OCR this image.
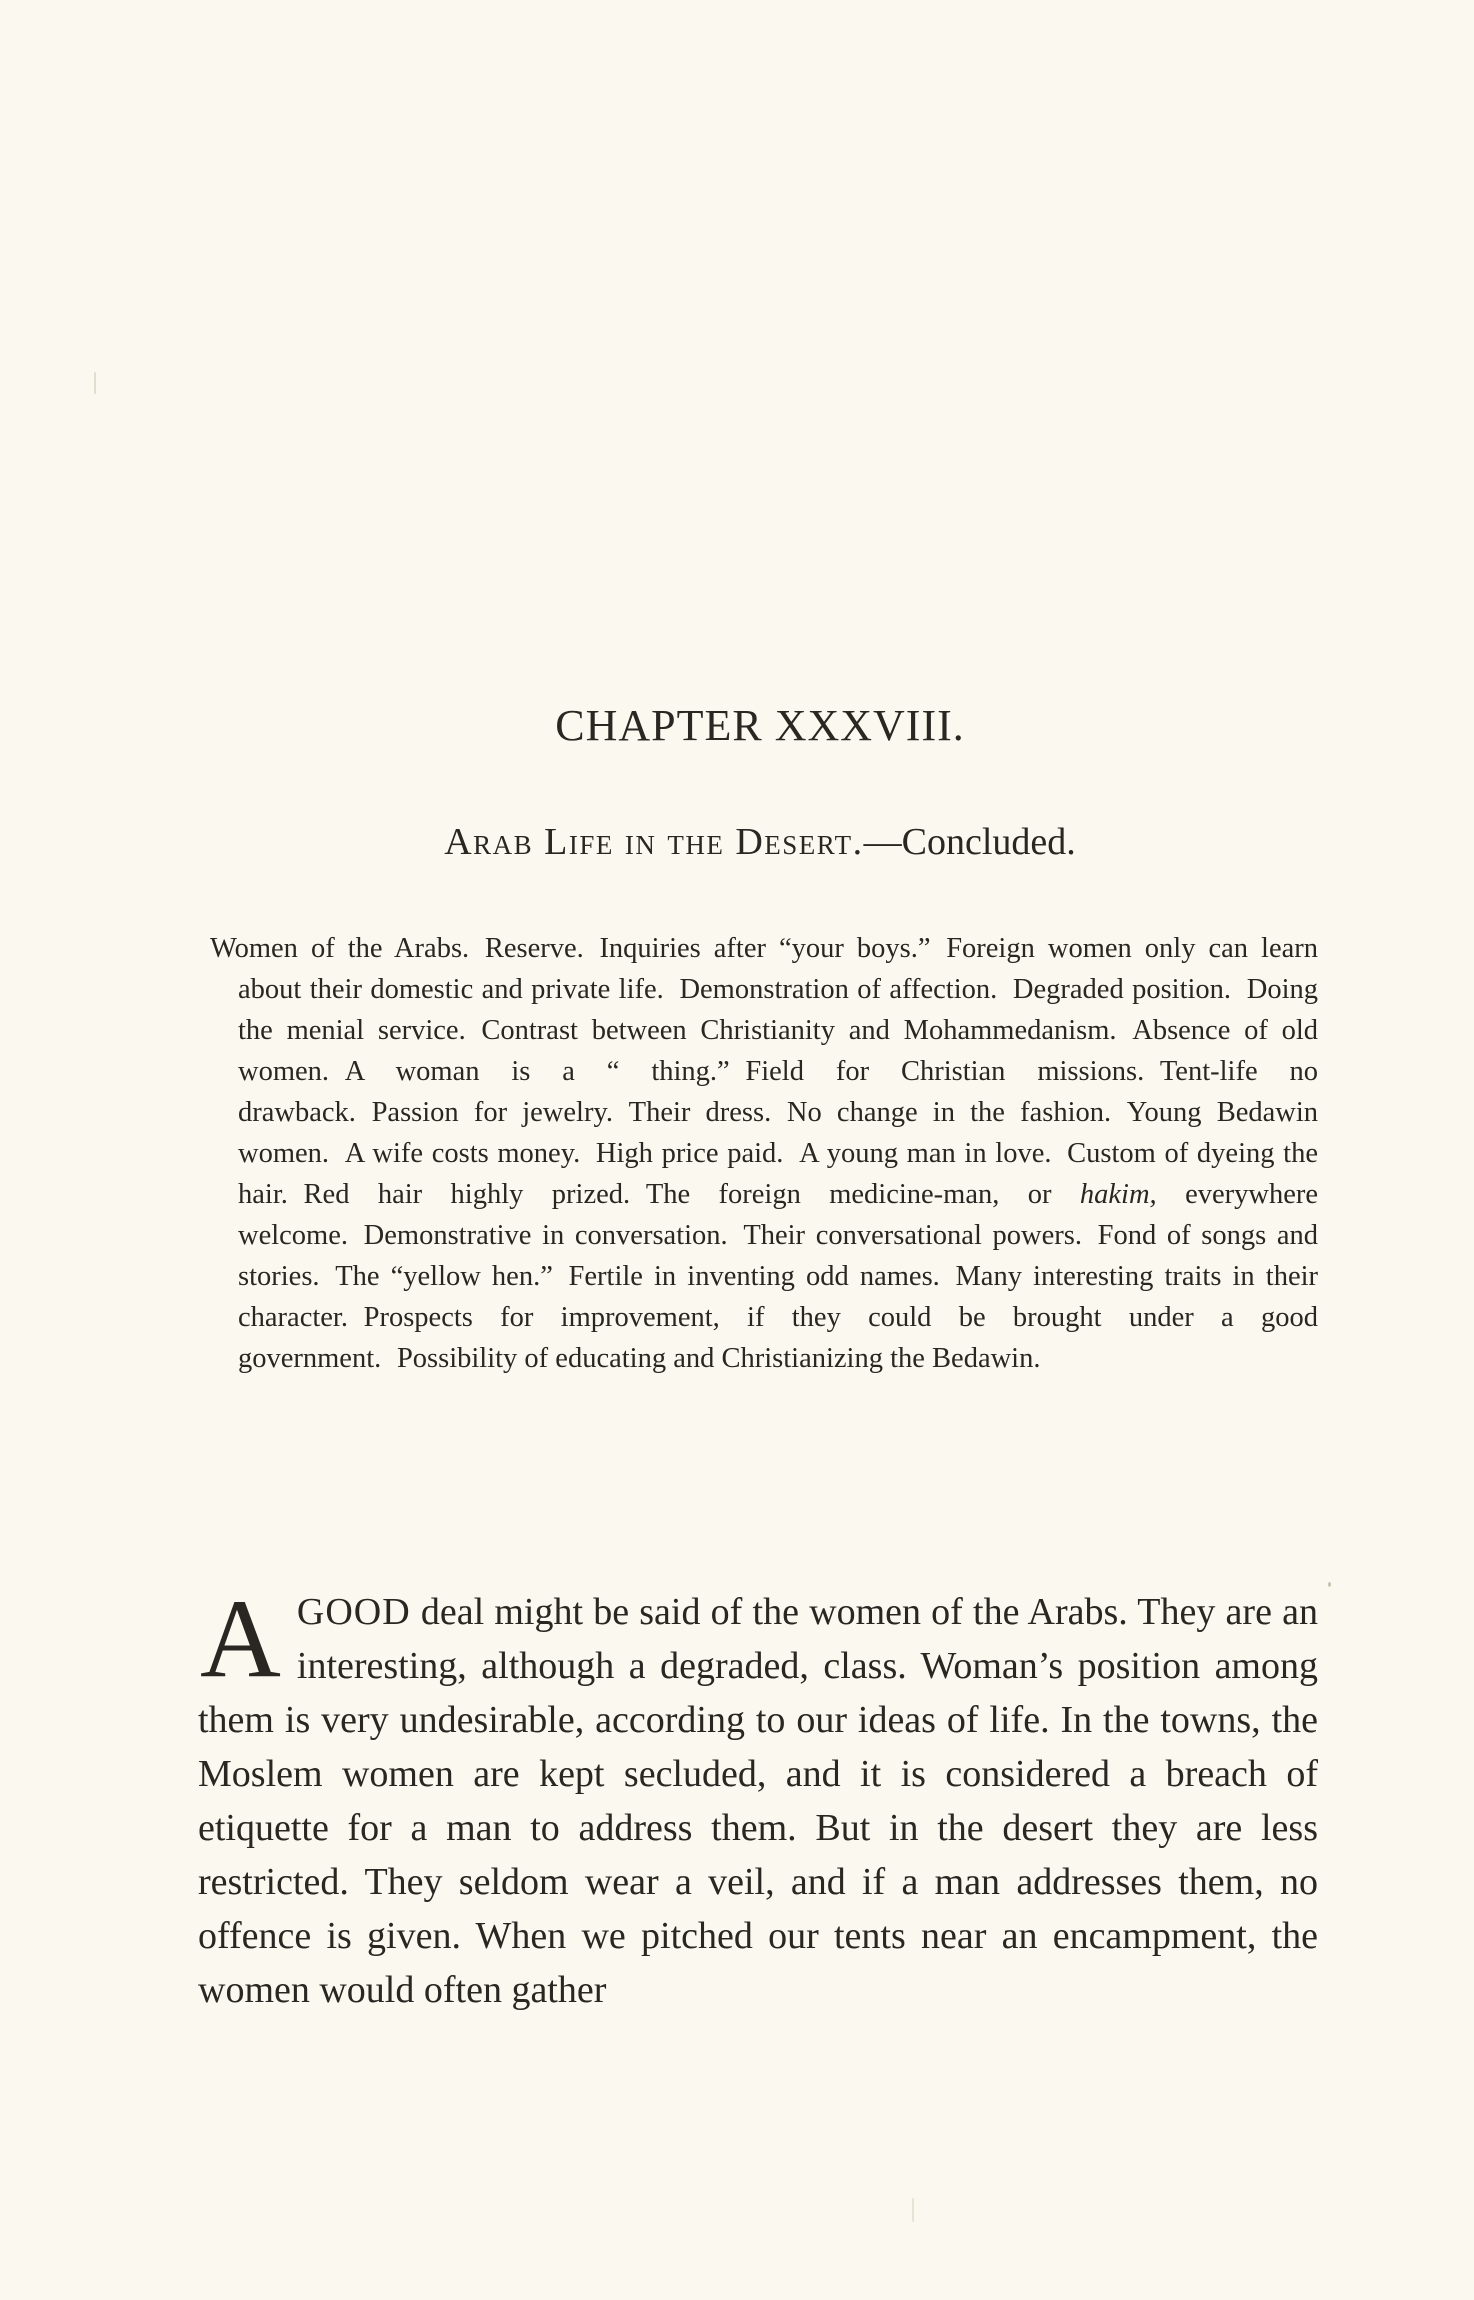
CHAPTER XXXVIII.
Arab Life in the Desert.—Concluded.

Women of the Arabs. Reserve. Inquiries after “your boys.” Foreign women only can learn about their domestic and private life. Demonstration of affection. Degraded position. Doing the menial service. Contrast between Christianity and Mohammedanism. Absence of old women. A woman is a “ thing.” Field for Christian missions. Tent-life no drawback. Passion for jewelry. Their dress. No change in the fashion. Young Bedawin women. A wife costs money. High price paid. A young man in love. Custom of dyeing the hair. Red hair highly prized. The foreign medicine-man, or hakim, everywhere welcome. Demonstrative in conversation. Their conversational powers. Fond of songs and stories. The “yellow hen.” Fertile in inventing odd names. Many interesting traits in their character. Prospects for improvement, if they could be brought under a good government. Possibility of educating and Christianizing the Bedawin.

AGOOD deal might be said of the women of the Arabs. They are an interesting, although a degraded, class. Woman’s position among them is very undesirable, according to our ideas of life. In the towns, the Moslem women are kept secluded, and it is considered a breach of etiquette for a man to address them. But in the desert they are less restricted. They seldom wear a veil, and if a man addresses them, no offence is given. When we pitched our tents near an encampment, the women would often gather
